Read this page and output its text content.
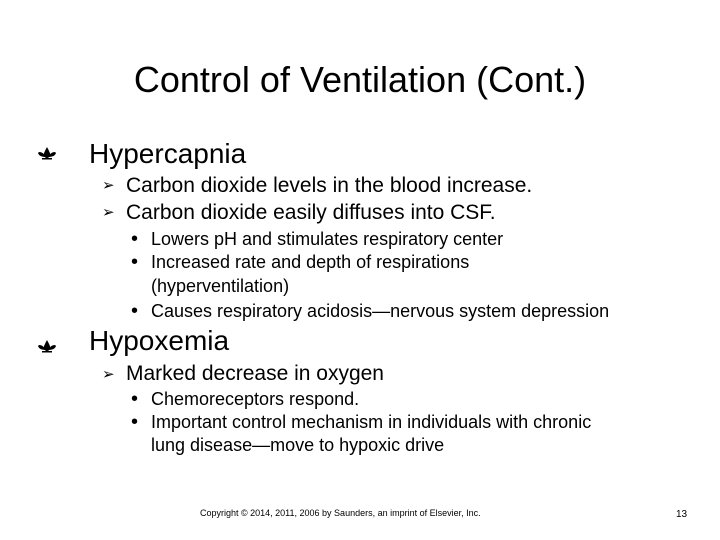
Control of Ventilation (Cont.)
Hypercapnia
➢ Carbon dioxide levels in the blood increase.
➢ Carbon dioxide easily diffuses into CSF.
• Lowers pH and stimulates respiratory center
• Increased rate and depth of respirations
(hyperventilation)
• Causes respiratory acidosis—nervous system depression
Hypoxemia
➢ Marked decrease in oxygen
• Chemoreceptors respond.
• Important control mechanism in individuals with chronic
lung disease—move to hypoxic drive
Copyright © 2014, 2011, 2006 by Saunders, an imprint of Elsevier, Inc.	13
